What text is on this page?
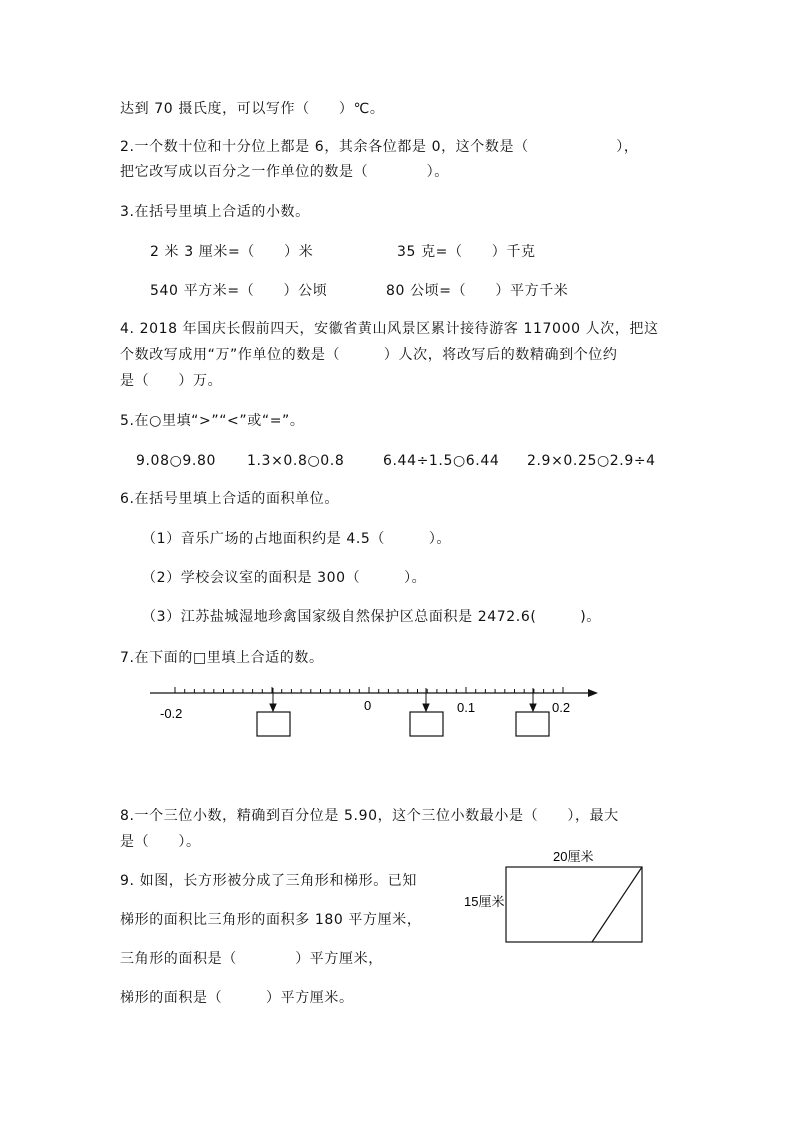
达到 70 摄氏度，可以写作（　　）℃。
2.一个数十位和十分位上都是 6，其余各位都是 0，这个数是（　　　　　　），
把它改写成以百分之一作单位的数是（　　　　）。
3.在括号里填上合适的小数。
2 米 3 厘米=（　　）米	35 克=（　　）千克
540 平方米=（　　）公顷	80 公顷=（　　）平方千米
4. 2018 年国庆长假前四天，安徽省黄山风景区累计接待游客 117000 人次，把这
个数改写成用“万”作单位的数是（　　　）人次，将改写后的数精确到个位约
是（　　）万。
5.在○里填“>”“<”或“=”。
9.08○9.80 1.3×0.8○0.8	6.44÷1.5○6.44 2.9×0.25○2.9÷4
6.在括号里填上合适的面积单位。
（1）音乐广场的占地面积约是 4.5（　　　）。
（2）学校会议室的面积是 300（　　　）。
（3）江苏盐城湿地珍禽国家级自然保护区总面积是 2472.6(　　　)。
7.在下面的□里填上合适的数。
-0.2
0	0.1	0.2
20厘米
15厘米
8.一个三位小数，精确到百分位是 5.90，这个三位小数最小是（　　），最大
是（　　）。
9. 如图，长方形被分成了三角形和梯形。已知
梯形的面积比三角形的面积多 180 平方厘米，
三角形的面积是（　　　　）平方厘米，
梯形的面积是（　　　）平方厘米。
